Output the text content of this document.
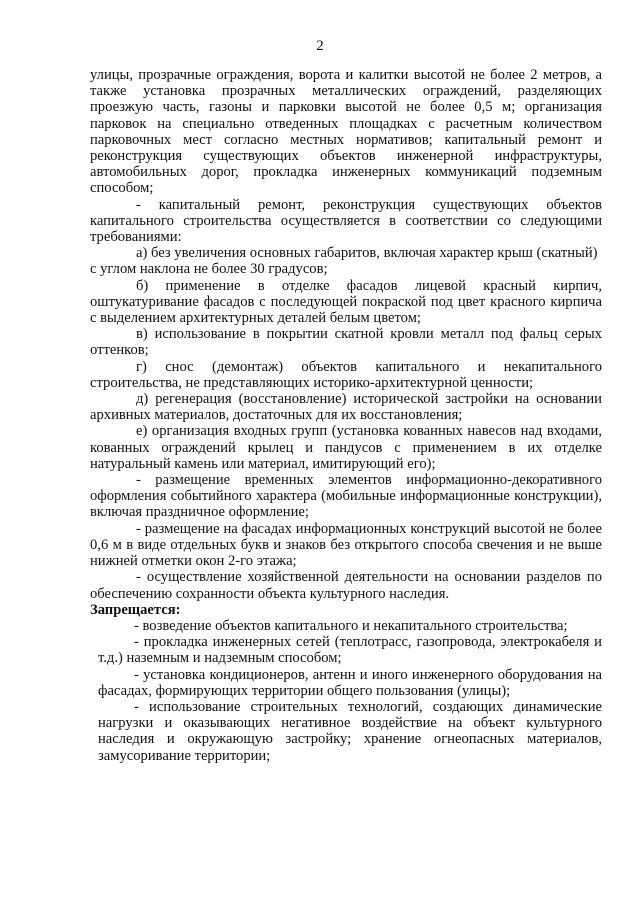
2

улицы, прозрачные ограждения, ворота и калитки высотой не более 2 метров, а также установка прозрачных металлических ограждений, разделяющих проезжую часть, газоны и парковки высотой не более 0,5 м; организация парковок на специально отведенных площадках с расчетным количеством парковочных мест согласно местных нормативов; капитальный ремонт и реконструкция существующих объектов инженерной инфраструктуры, автомобильных дорог, прокладка инженерных коммуникаций подземным способом;

- капитальный ремонт, реконструкция существующих объектов капитального строительства осуществляется в соответствии со следующими требованиями:

а) без увеличения основных габаритов, включая характер крыш (скатный)

с углом наклона не более 30 градусов;

б) применение в отделке фасадов лицевой красный кирпич, оштукатуривание фасадов с последующей покраской под цвет красного кирпича с выделением архитектурных деталей белым цветом;

в) использование в покрытии скатной кровли металл под фальц серых оттенков;

г) снос (демонтаж) объектов капитального и некапитального строительства, не представляющих историко-архитектурной ценности;

д) регенерация (восстановление) исторической застройки на основании архивных материалов, достаточных для их восстановления;

е) организация входных групп (установка кованных навесов над входами, кованных ограждений крылец и пандусов с применением в их отделке натуральный камень или материал, имитирующий его);

- размещение временных элементов информационно-декоративного оформления событийного характера (мобильные информационные конструкции), включая праздничное оформление;

- размещение на фасадах информационных конструкций высотой не более 0,6 м в виде отдельных букв и знаков без открытого способа свечения и не выше нижней отметки окон 2-го этажа;

- осуществление хозяйственной деятельности на основании разделов по обеспечению сохранности объекта культурного наследия.

Запрещается:

- возведение объектов капитального и некапитального строительства;

- прокладка инженерных сетей (теплотрасс, газопровода, электрокабеля и т.д.) наземным и надземным способом;

- установка кондиционеров, антенн и иного инженерного оборудования на фасадах, формирующих территории общего пользования (улицы);

- использование строительных технологий, создающих динамические нагрузки и оказывающих негативное воздействие на объект культурного наследия и окружающую застройку; хранение огнеопасных материалов, замусоривание территории;
